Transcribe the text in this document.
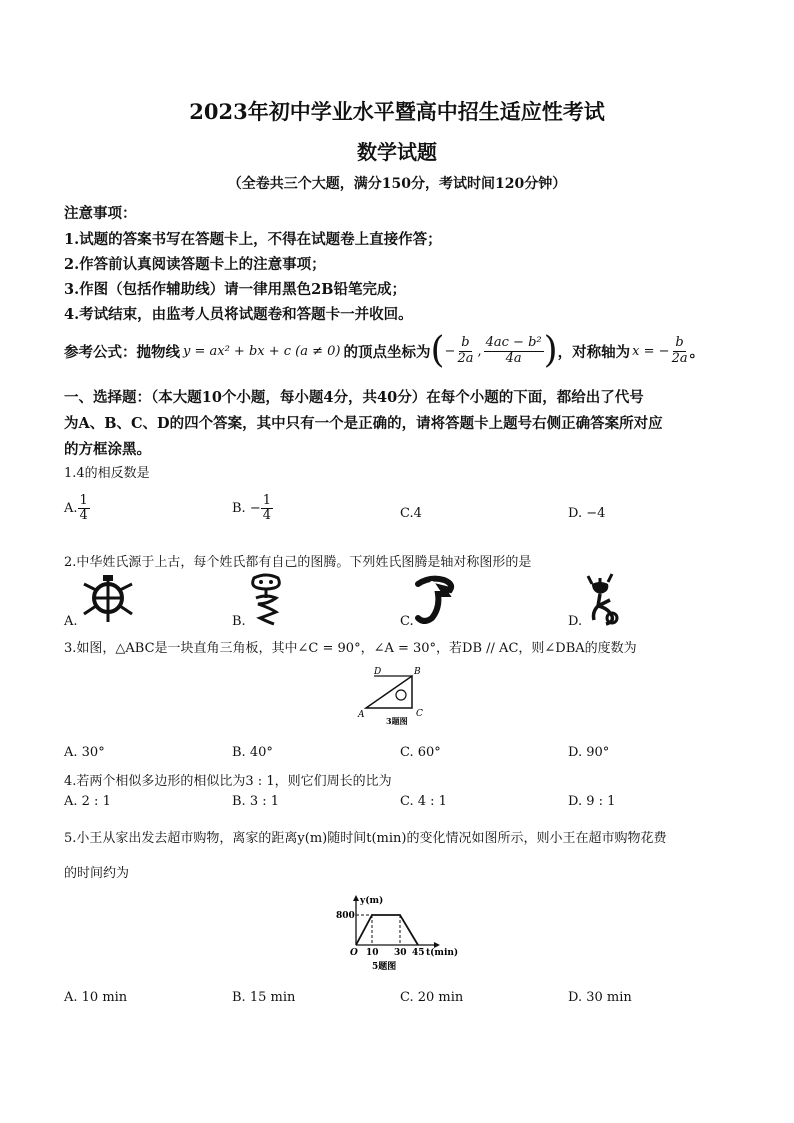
2023年初中学业水平暨高中招生适应性考试
数学试题
（全卷共三个大题，满分150分，考试时间120分钟）
注意事项：
1.试题的答案书写在答题卡上，不得在试题卷上直接作答；
2.作答前认真阅读答题卡上的注意事项；
3.作图（包括作辅助线）请一律用黑色2B铅笔完成；
4.考试结束，由监考人员将试题卷和答题卡一并收回。
参考公式：抛物线 y = ax² + bx + c (a ≠ 0) 的顶点坐标为 ( − $\frac{b}{2a}$ , $\frac{\text{4ac − b²}}{4a}$ ) ，对称轴为 x = − $\frac{b}{2a}$ 。
一、选择题：（本大题10个小题，每小题4分，共40分）在每个小题的下面，都给出了代号
为A、B、C、D的四个答案，其中只有一个是正确的，请将答题卡上题号右侧正确答案所对应
的方框涂黑。
1.4的相反数是
A. $\frac{1}{4}$	B. − $\frac{1}{4}$	C.4	D. −4
2.中华姓氏源于上古，每个姓氏都有自己的图腾。下列姓氏图腾是轴对称图形的是
A.	B.	C.	D.
3.如图，△ABC是一块直角三角板，其中∠C = 90°，∠A = 30°，若DB // AC，则∠DBA的度数为
D	B
A	C
3题图
A. 30°	B. 40°	C. 60°	D. 90°
4.若两个相似多边形的相似比为3 : 1，则它们周长的比为
A. 2 : 1	B. 3 : 1	C. 4 : 1	D. 9 : 1
5.小王从家出发去超市购物，离家的距离y(m)随时间t(min)的变化情况如图所示，则小王在超市购物花费
的时间约为
y(m)
800
O 10 30 45 t(min)
5题图
A. 10 min	B. 15 min	C. 20 min	D. 30 min
